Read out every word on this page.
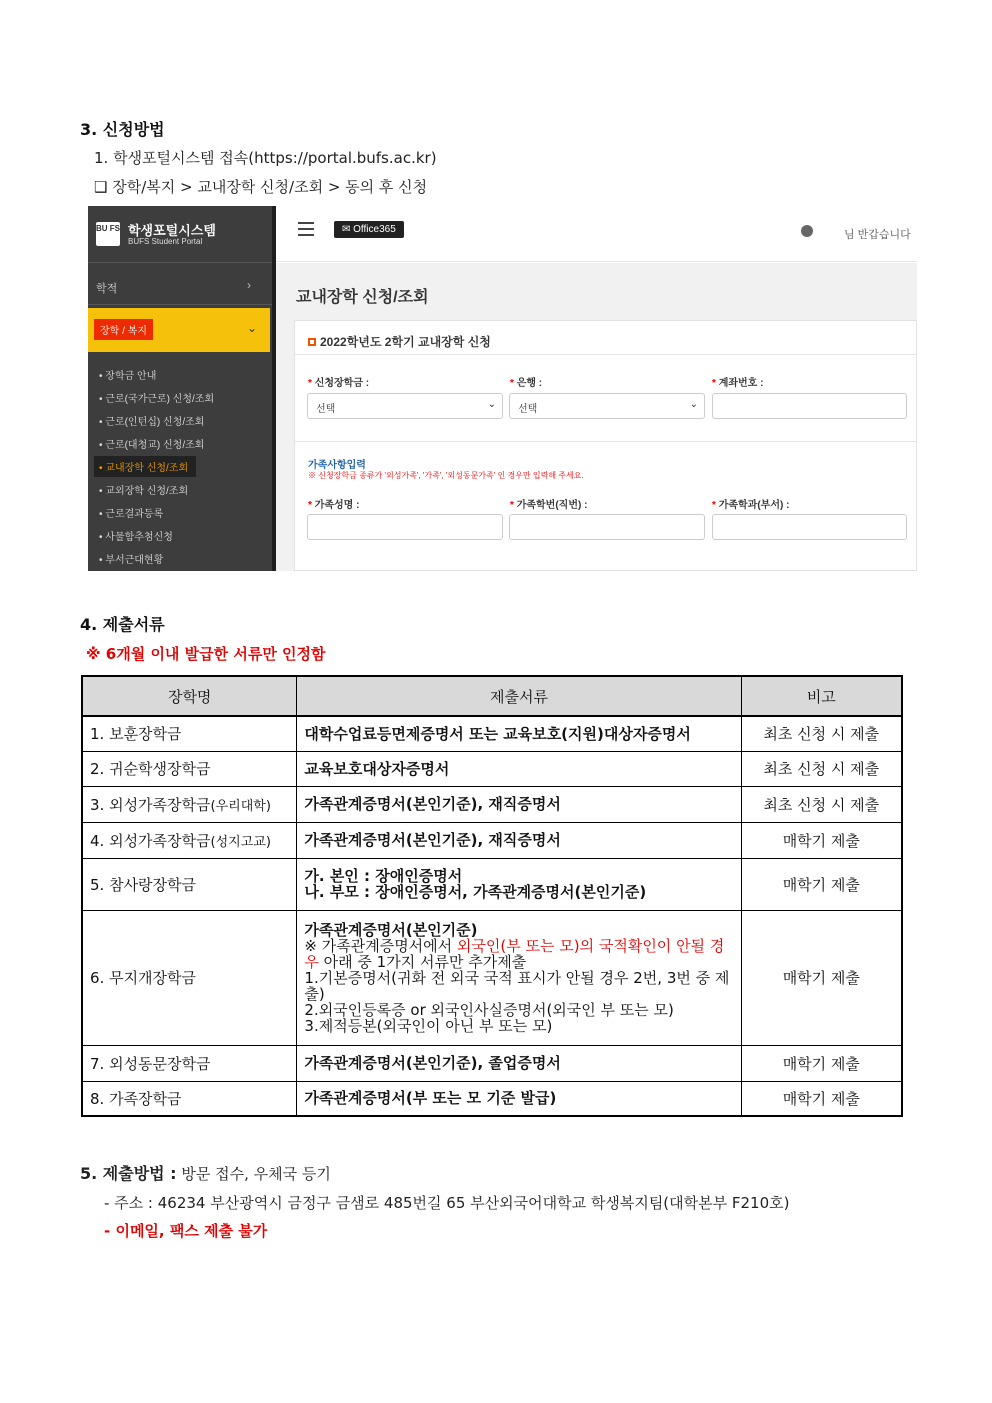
3. 신청방법
1. 학생포털시스템 접속(https://portal.bufs.ac.kr)
❑ 장학/복지 > 교내장학 신청/조회 > 동의 후 신청
BU FS 학생포털시스템
BUFS Student Portal
학적	›
장학 / 복지	⌄
• 장학금 안내
• 근로(국가근로) 신청/조회
• 근로(인턴십) 신청/조회
• 근로(대청교) 신청/조회
• 교내장학 신청/조회
• 교외장학 신청/조회
• 근로결과등록
• 사물함추첨신청
• 부서근대현황
✉ Office365	님 반갑습니다
교내장학 신청/조회
2022학년도 2학기 교내장학 신청
* 신청장학금 :	* 은행 :	* 계좌번호 :
선택	⌄	선택	⌄
가족사항입력
※ 신청장학금 종류가 '외성가족', '가족', '외성동문가족' 인 경우만 입력해 주세요.
* 가족성명 :	* 가족학번(직번) :	* 가족학과(부서) :
4. 제출서류
※ 6개월 이내 발급한 서류만 인정함
장학명	제출서류	비고
1. 보훈장학금	대학수업료등면제증명서 또는 교육보호(지원)대상자증명서	최초 신청 시 제출
2. 귀순학생장학금	교육보호대상자증명서	최초 신청 시 제출
3. 외성가족장학금(우리대학)	가족관계증명서(본인기준), 재직증명서	최초 신청 시 제출
4. 외성가족장학금(성지고교)	가족관계증명서(본인기준), 재직증명서	매학기 제출
5. 참사랑장학금	가. 본인 : 장애인증명서
나. 부모 : 장애인증명서, 가족관계증명서(본인기준)	매학기 제출
6. 무지개장학금	가족관계증명서(본인기준)
※ 가족관계증명서에서 외국인(부 또는 모)의 국적확인이 안될 경우 아래 중 1가지 서류만 추가제출
1.기본증명서(귀화 전 외국 국적 표시가 안될 경우 2번, 3번 중 제출)
2.외국인등록증 or 외국인사실증명서(외국인 부 또는 모)
3.제적등본(외국인이 아닌 부 또는 모)	매학기 제출
7. 외성동문장학금	가족관계증명서(본인기준), 졸업증명서	매학기 제출
8. 가족장학금	가족관계증명서(부 또는 모 기준 발급)	매학기 제출
5. 제출방법 : 방문 접수, 우체국 등기
- 주소 : 46234 부산광역시 금정구 금샘로 485번길 65 부산외국어대학교 학생복지팀(대학본부 F210호)
- 이메일, 팩스 제출 불가
